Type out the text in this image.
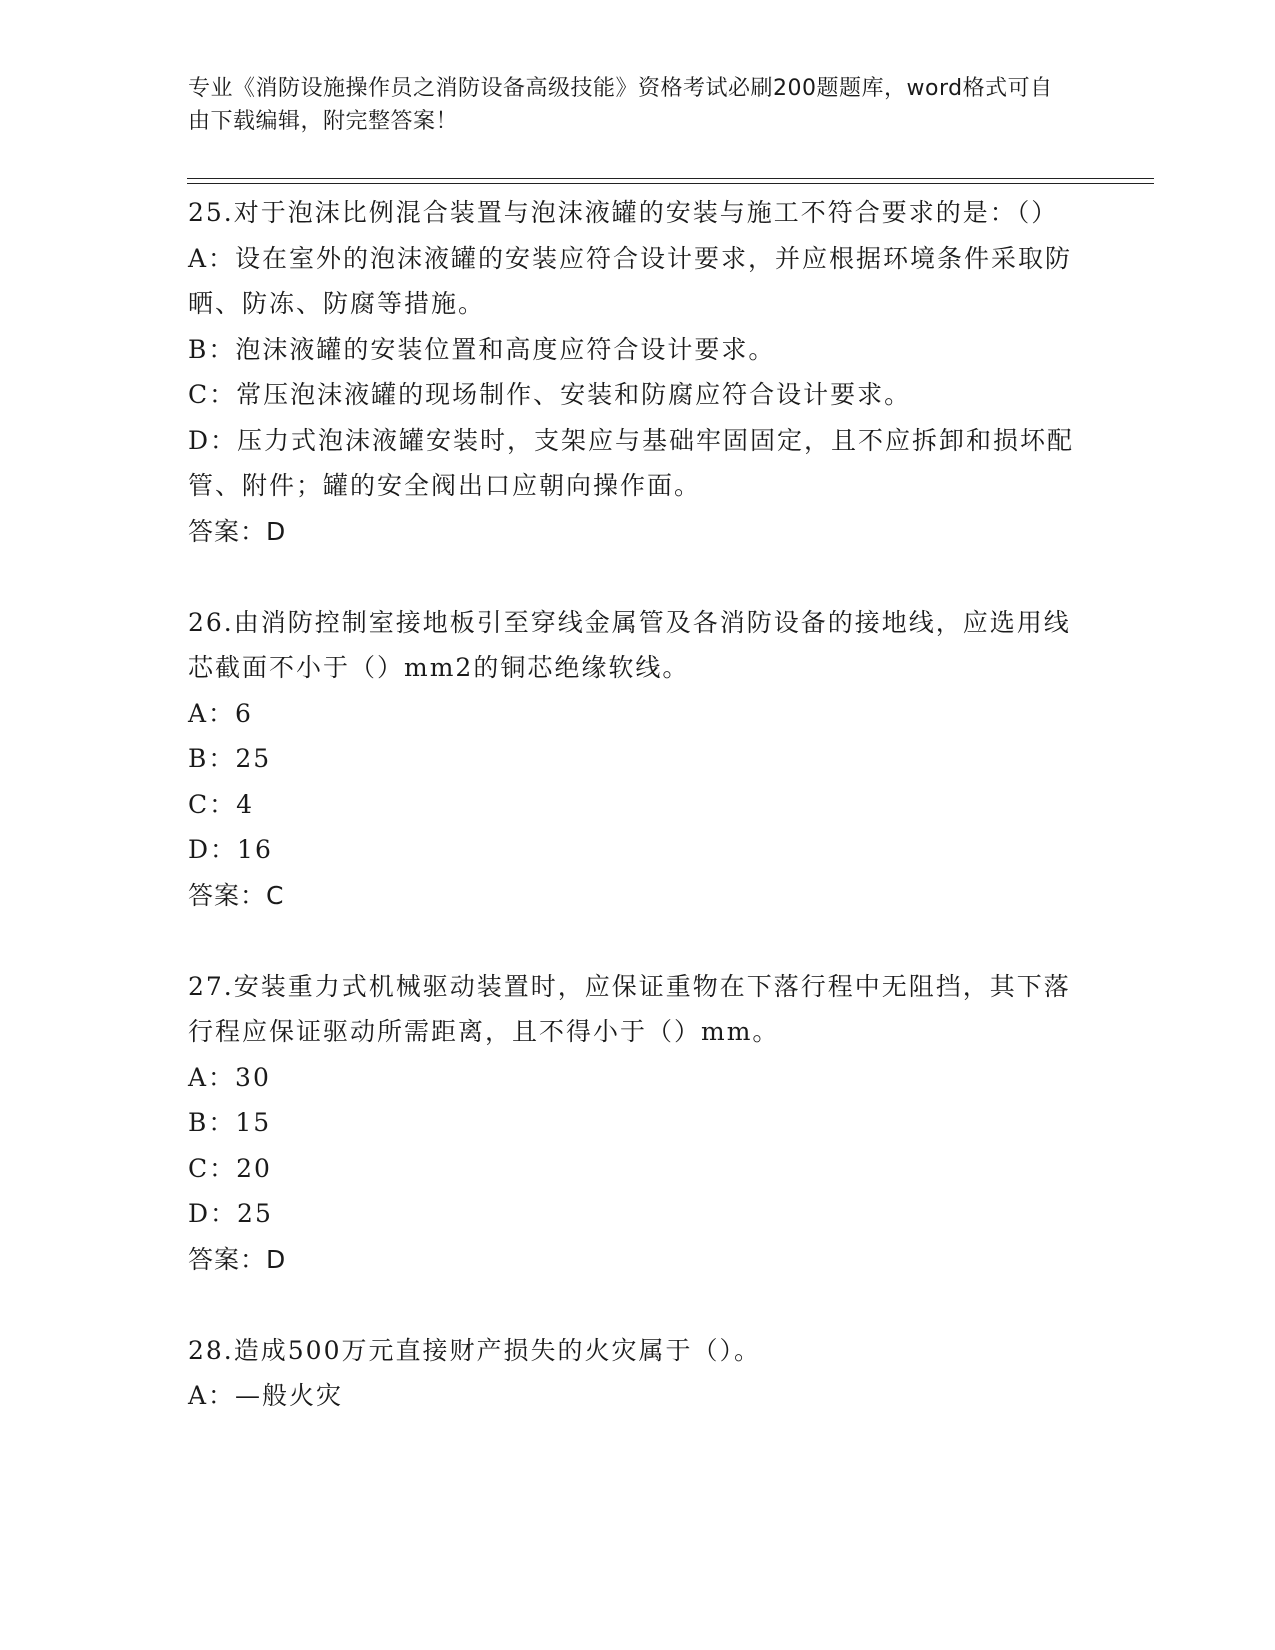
专业《消防设施操作员之消防设备高级技能》资格考试必刷200题题库，word格式可自由下载编辑，附完整答案！

25.对于泡沫比例混合装置与泡沫液罐的安装与施工不符合要求的是：（）

A：设在室外的泡沫液罐的安装应符合设计要求，并应根据环境条件采取防晒、防冻、防腐等措施。

B：泡沫液罐的安装位置和高度应符合设计要求。

C：常压泡沫液罐的现场制作、安装和防腐应符合设计要求。

D：压力式泡沫液罐安装时，支架应与基础牢固固定，且不应拆卸和损坏配管、附件；罐的安全阀出口应朝向操作面。

答案：D

26.由消防控制室接地板引至穿线金属管及各消防设备的接地线，应选用线芯截面不小于（）mm2的铜芯绝缘软线。

A：6

B：25

C：4

D：16

答案：C

27.安装重力式机械驱动装置时，应保证重物在下落行程中无阻挡，其下落行程应保证驱动所需距离，且不得小于（）mm。

A：30

B：15

C：20

D：25

答案：D

28.造成500万元直接财产损失的火灾属于（）。

A：—般火灾
